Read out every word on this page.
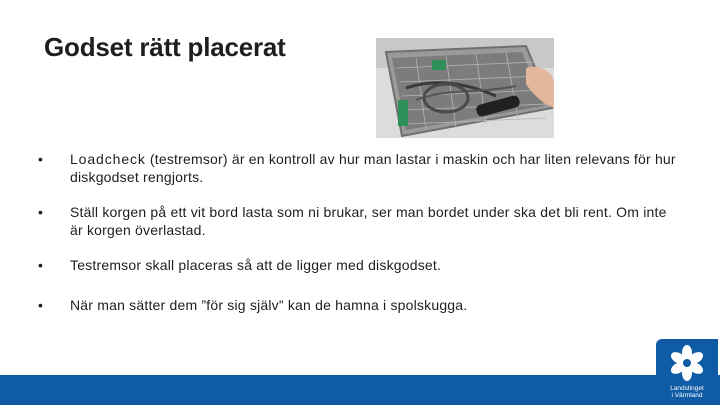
Godset rätt placerat
• Loadcheck (testremsor) är en kontroll av hur man lastar i maskin och har liten relevans för hur diskgodset rengjorts.
• Ställ korgen på ett vit bord lasta som ni brukar, ser man bordet under ska det bli rent. Om inte är korgen överlastad.
• Testremsor skall placeras så att de ligger med diskgodset.
• När man sätter dem ”för sig själv” kan de hamna i spolskugga.
Landstinget
i Värmland
